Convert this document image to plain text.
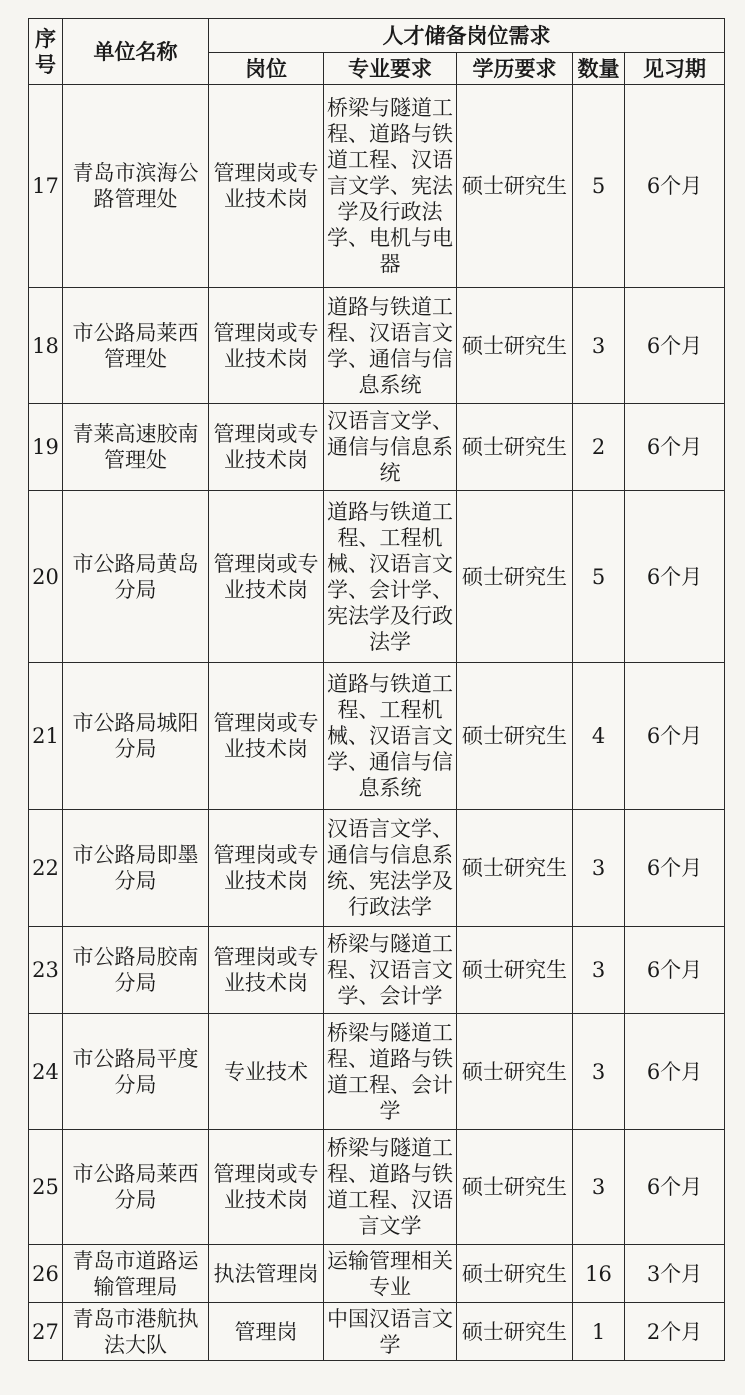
序号	单位名称	人才储备岗位需求				
		岗位	专业要求	学历要求	数量	见习期
17	青岛市滨海公路管理处	管理岗或专业技术岗	桥梁与隧道工程、道路与铁道工程、汉语言文学、宪法学及行政法学、电机与电器	硕士研究生	5	6个月
18	市公路局莱西管理处	管理岗或专业技术岗	道路与铁道工程、汉语言文学、通信与信息系统	硕士研究生	3	6个月
19	青莱高速胶南管理处	管理岗或专业技术岗	汉语言文学、通信与信息系统	硕士研究生	2	6个月
20	市公路局黄岛分局	管理岗或专业技术岗	道路与铁道工程、工程机械、汉语言文学、会计学、宪法学及行政法学	硕士研究生	5	6个月
21	市公路局城阳分局	管理岗或专业技术岗	道路与铁道工程、工程机械、汉语言文学、通信与信息系统	硕士研究生	4	6个月
22	市公路局即墨分局	管理岗或专业技术岗	汉语言文学、通信与信息系统、宪法学及行政法学	硕士研究生	3	6个月
23	市公路局胶南分局	管理岗或专业技术岗	桥梁与隧道工程、汉语言文学、会计学	硕士研究生	3	6个月
24	市公路局平度分局	专业技术	桥梁与隧道工程、道路与铁道工程、会计学	硕士研究生	3	6个月
25	市公路局莱西分局	管理岗或专业技术岗	桥梁与隧道工程、道路与铁道工程、汉语言文学	硕士研究生	3	6个月
26	青岛市道路运输管理局	执法管理岗	运输管理相关专业	硕士研究生	16	3个月
27	青岛市港航执法大队	管理岗	中国汉语言文学	硕士研究生	1	2个月
